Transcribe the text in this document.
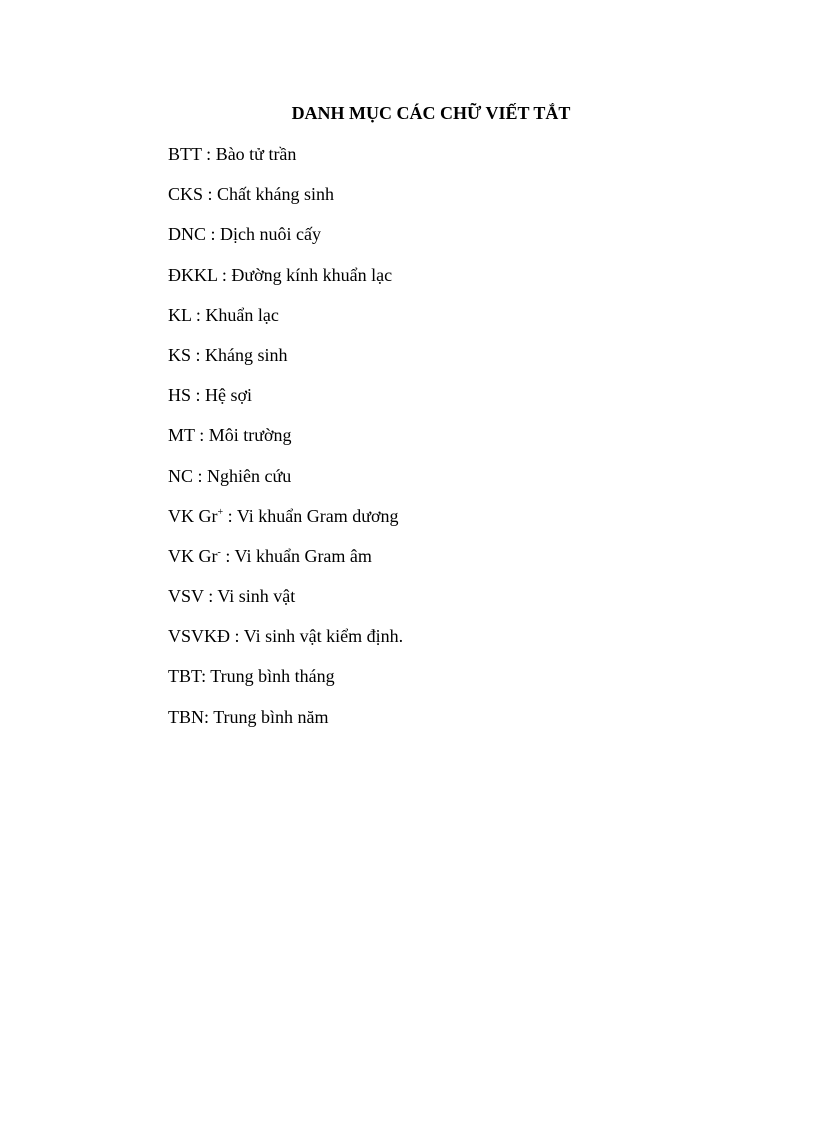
DANH MỤC CÁC CHỮ VIẾT TẮT
BTT : Bào tử trần
CKS : Chất kháng sinh
DNC : Dịch nuôi cấy
ĐKKL : Đường kính khuẩn lạc
KL : Khuẩn lạc
KS : Kháng sinh
HS : Hệ sợi
MT : Môi trường
NC : Nghiên cứu
VK Gr+ : Vi khuẩn Gram dương
VK Gr- : Vi khuẩn Gram âm
VSV : Vi sinh vật
VSVKĐ : Vi sinh vật kiểm định.
TBT: Trung bình tháng
TBN: Trung bình năm
